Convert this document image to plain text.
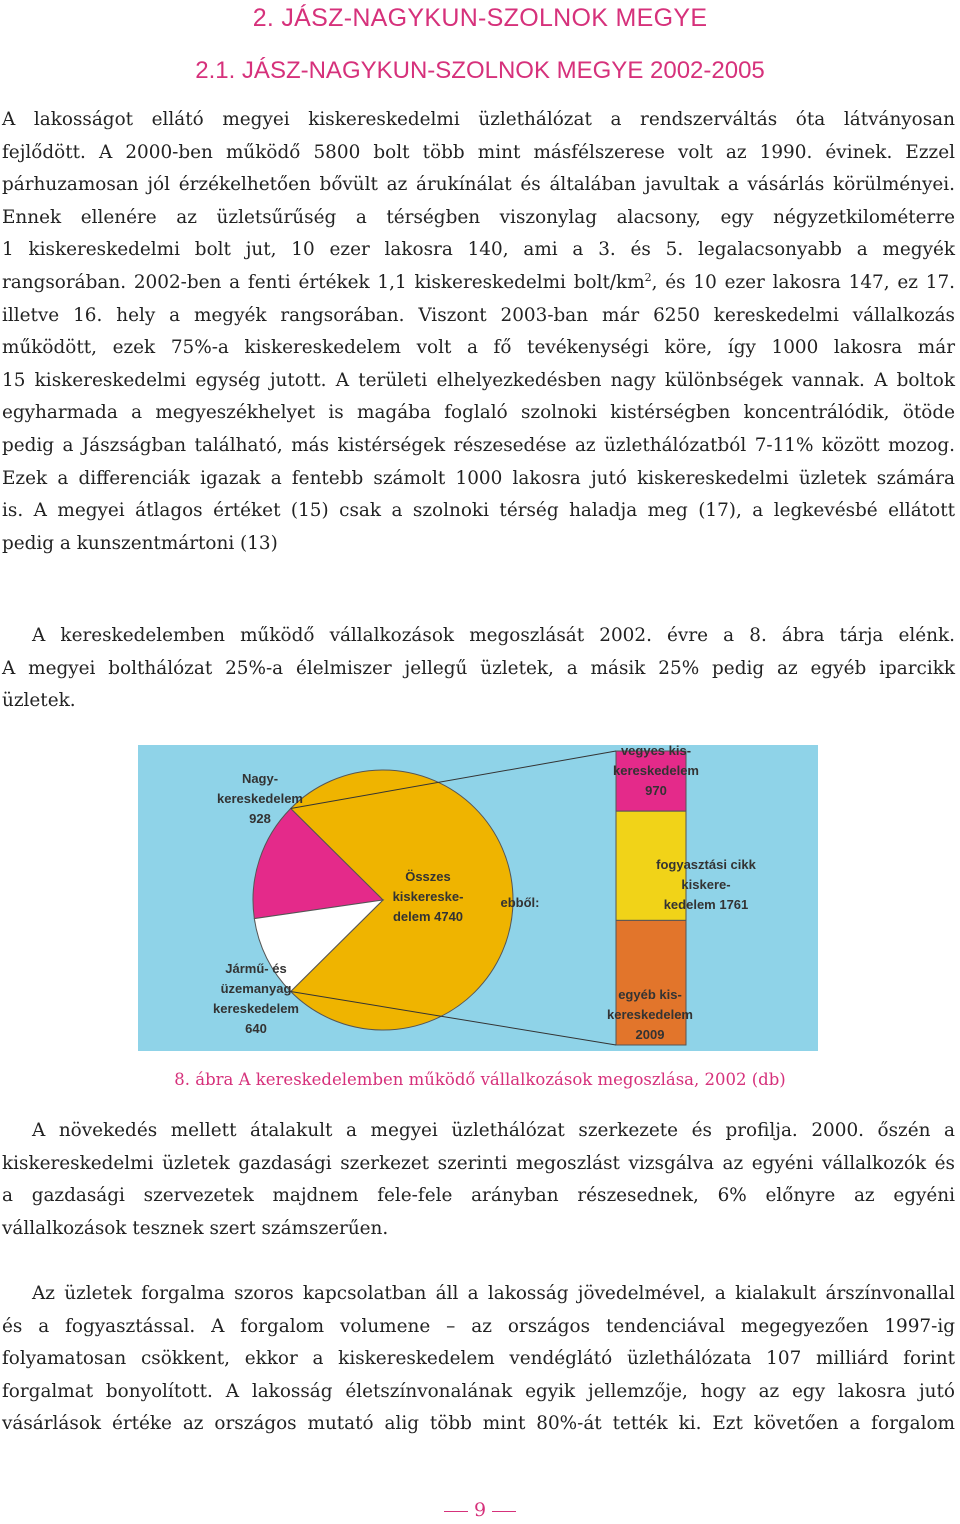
2. JÁSZ-NAGYKUN-SZOLNOK MEGYE
2.1. JÁSZ-NAGYKUN-SZOLNOK MEGYE 2002-2005
A lakosságot ellátó megyei kiskereskedelmi üzlethálózat a rendszerváltás óta látványosan
fejlődött. A 2000-ben működő 5800 bolt több mint másfélszerese volt az 1990. évinek. Ezzel
párhuzamosan jól érzékelhetően bővült az árukínálat és általában javultak a vásárlás körülményei.
Ennek ellenére az üzletsűrűség a térségben viszonylag alacsony, egy négyzetkilométerre
1 kiskereskedelmi bolt jut, 10 ezer lakosra 140, ami a 3. és 5. legalacsonyabb a megyék
rangsorában. 2002-ben a fenti értékek 1,1 kiskereskedelmi bolt/$km^2$, és 10 ezer lakosra 147, ez 17.
illetve 16. hely a megyék rangsorában. Viszont 2003-ban már 6250 kereskedelmi vállalkozás
működött, ezek 75%-a kiskereskedelem volt a fő tevékenységi köre, így 1000 lakosra már
15 kiskereskedelmi egység jutott. A területi elhelyezkedésben nagy különbségek vannak. A boltok
egyharmada a megyeszékhelyet is magába foglaló szolnoki kistérségben koncentrálódik, ötöde
pedig a Jászságban található, más kistérségek részesedése az üzlethálózatból 7-11% között mozog.
Ezek a differenciák igazak a fentebb számolt 1000 lakosra jutó kiskereskedelmi üzletek számára
is. A megyei átlagos értéket (15) csak a szolnoki térség haladja meg (17), a legkevésbé ellátott
pedig a kunszentmártoni (13)
A kereskedelemben működő vállalkozások megoszlását 2002. évre a 8. ábra tárja elénk.
A megyei bolthálózat 25%-a élelmiszer jellegű üzletek, a másik 25% pedig az egyéb iparcikk
üzletek.
Nagy-kereskedelem 928
Összes kiskereske-delem 4740
Jármű- és üzemanyag kereskedelem 640
ebből:
vegyes kis-kereskedelem 970
fogyasztási cikk kiskere-kedelem 1761
egyéb kis-kereskedelem 2009
8. ábra A kereskedelemben működő vállalkozások megoszlása, 2002 (db)
A növekedés mellett átalakult a megyei üzlethálózat szerkezete és profilja. 2000. őszén a
kiskereskedelmi üzletek gazdasági szerkezet szerinti megoszlást vizsgálva az egyéni vállalkozók és
a gazdasági szervezetek majdnem fele-fele arányban részesednek, 6% előnyre az egyéni
vállalkozások tesznek szert számszerűen.
Az üzletek forgalma szoros kapcsolatban áll a lakosság jövedelmével, a kialakult árszínvonallal
és a fogyasztással. A forgalom volumene – az országos tendenciával megegyezően 1997-ig
folyamatosan csökkent, ekkor a kiskereskedelem vendéglátó üzlethálózata 107 milliárd forint
forgalmat bonyolított. A lakosság életszínvonalának egyik jellemzője, hogy az egy lakosra jutó
vásárlások értéke az országos mutató alig több mint 80%-át tették ki. Ezt követően a forgalom
9
